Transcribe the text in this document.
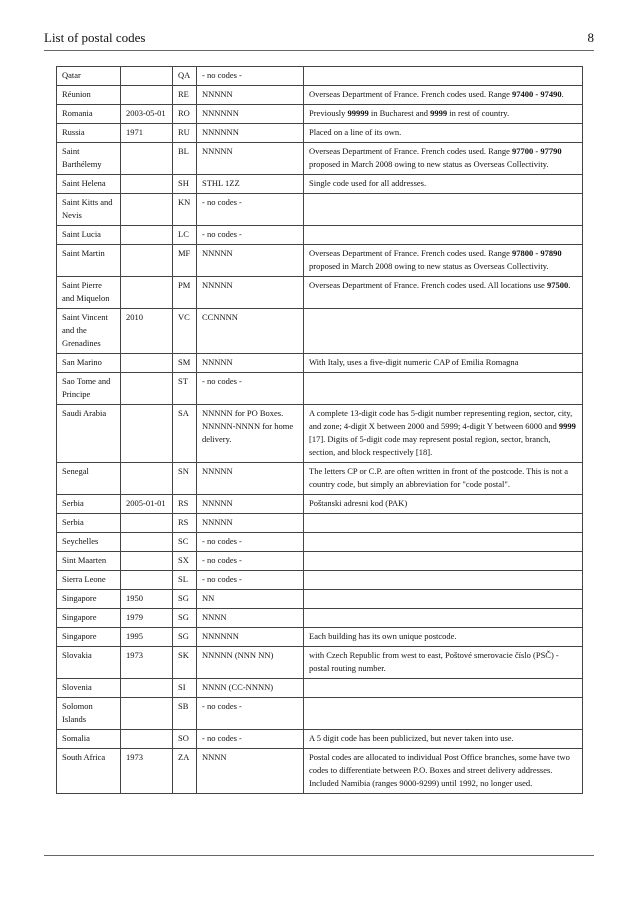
List of postal codes	8
Qatar		QA	- no codes -	
Réunion		RE	NNNNN	Overseas Department of France. French codes used. Range 97400 - 97490.
Romania	2003-05-01	RO	NNNNNN	Previously 99999 in Bucharest and 9999 in rest of country.
Russia	1971	RU	NNNNNN	Placed on a line of its own.
Saint Barthélemy		BL	NNNNN	Overseas Department of France. French codes used. Range 97700 - 97790 proposed in March 2008 owing to new status as Overseas Collectivity.
Saint Helena		SH	STHL 1ZZ	Single code used for all addresses.
Saint Kitts and Nevis		KN	- no codes -	
Saint Lucia		LC	- no codes -	
Saint Martin		MF	NNNNN	Overseas Department of France. French codes used. Range 97800 - 97890 proposed in March 2008 owing to new status as Overseas Collectivity.
Saint Pierre and Miquelon		PM	NNNNN	Overseas Department of France. French codes used. All locations use 97500.
Saint Vincent and the Grenadines	2010	VC	CCNNNN	
San Marino		SM	NNNNN	With Italy, uses a five-digit numeric CAP of Emilia Romagna
Sao Tome and Principe		ST	- no codes -	
Saudi Arabia		SA	NNNNN for PO Boxes. NNNNN-NNNN for home delivery.	A complete 13-digit code has 5-digit number representing region, sector, city, and zone; 4-digit X between 2000 and 5999; 4-digit Y between 6000 and 9999 [17]. Digits of 5-digit code may represent postal region, sector, branch, section, and block respectively [18].
Senegal		SN	NNNNN	The letters CP or C.P. are often written in front of the postcode. This is not a country code, but simply an abbreviation for "code postal".
Serbia	2005-01-01	RS	NNNNN	Poštanski adresni kod (PAK)
Serbia		RS	NNNNN	
Seychelles		SC	- no codes -	
Sint Maarten		SX	- no codes -	
Sierra Leone		SL	- no codes -	
Singapore	1950	SG	NN	
Singapore	1979	SG	NNNN	
Singapore	1995	SG	NNNNNN	Each building has its own unique postcode.
Slovakia	1973	SK	NNNNN (NNN NN)	with Czech Republic from west to east, Poštové smerovacie číslo (PSČ) - postal routing number.
Slovenia		SI	NNNN (CC-NNNN)	
Solomon Islands		SB	- no codes -	
Somalia		SO	- no codes -	A 5 digit code has been publicized, but never taken into use.
South Africa	1973	ZA	NNNN	Postal codes are allocated to individual Post Office branches, some have two codes to differentiate between P.O. Boxes and street delivery addresses. Included Namibia (ranges 9000-9299) until 1992, no longer used.
